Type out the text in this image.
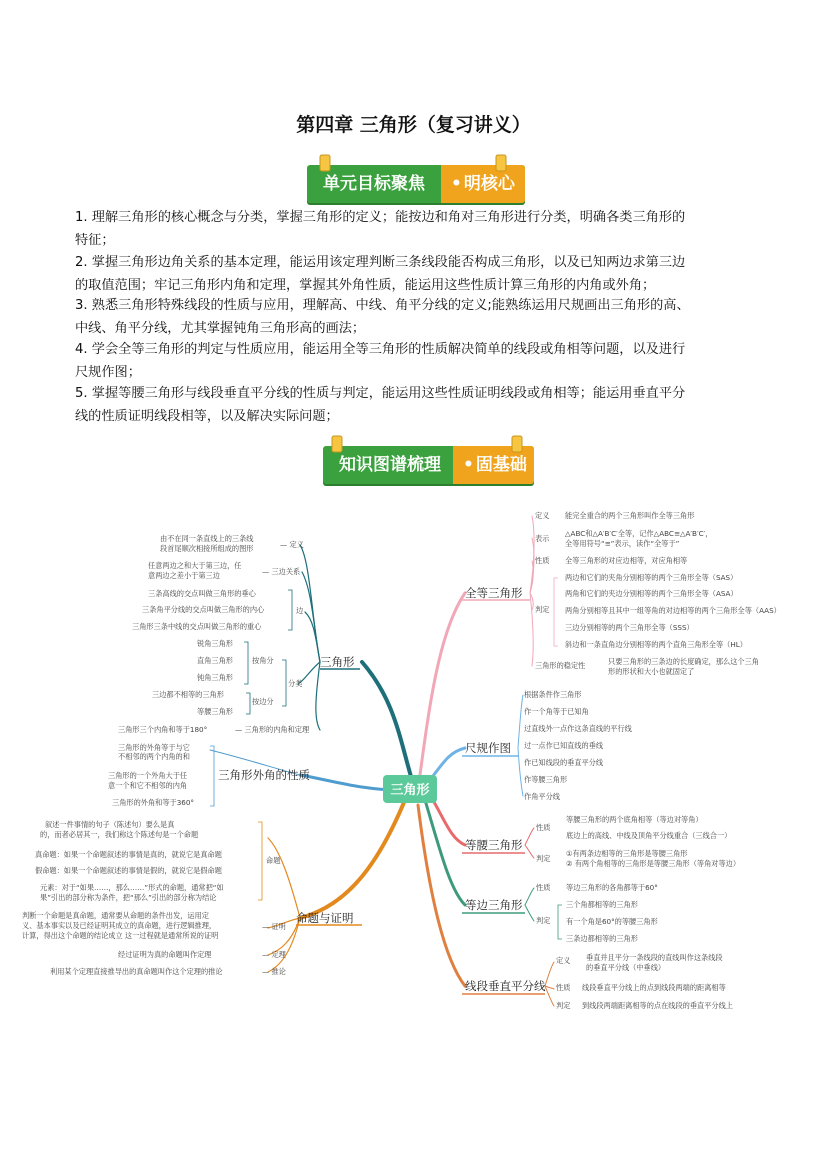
第四章 三角形（复习讲义）
单元目标聚焦	• 明核心
1. 理解三角形的核心概念与分类，掌握三角形的定义；能按边和角对三角形进行分类，明确各类三角形的
特征；
2. 掌握三角形边角关系的基本定理，能运用该定理判断三条线段能否构成三角形，以及已知两边求第三边
的取值范围；牢记三角形内角和定理，掌握其外角性质，能运用这些性质计算三角形的内角或外角；
3. 熟悉三角形特殊线段的性质与应用，理解高、中线、角平分线的定义;能熟练运用尺规画出三角形的高、
中线、角平分线，尤其掌握钝角三角形高的画法；
4. 学会全等三角形的判定与性质应用，能运用全等三角形的性质解决简单的线段或角相等问题，以及进行
尺规作图；
5. 掌握等腰三角形与线段垂直平分线的性质与判定，能运用这些性质证明线段或角相等；能运用垂直平分
线的性质证明线段相等，以及解决实际问题；
知识图谱梳理	• 固基础
三角形
三角形
由不在同一条直线上的三条线
段首尾顺次相接所组成的图形	— 定义
任意两边之和大于第三边，任
意两边之差小于第三边	— 三边关系
三条高线的交点叫做三角形的垂心
三条角平分线的交点叫做三角形的内心
三角形三条中线的交点叫做三角形的重心
边
锐角三角形
直角三角形
钝角三角形
按角分
三边都不相等的三角形
等腰三角形
按边分
分类
三角形三个内角和等于180°	— 三角形的内角和定理
三角形的外角等于与它
不相邻的两个内角的和
三角形的一个外角大于任
意一个和它不相邻的内角
三角形的外角和等于360°
三角形外角的性质
命题与证明
叙述一件事情的句子（陈述句）要么是真
的，而者必居其一，我们称这个陈述句是一个命题
真命题：如果一个命题叙述的事情是真的，就说它是真命题
假命题：如果一个命题叙述的事情是假的，就说它是假命题
元素：对于“如果……，那么……”形式的命题，通常把“如
果”引出的部分称为条件，把“那么”引出的部分称为结论
命题
判断一个命题是真命题，通常要从命题的条件出发，运用定
义、基本事实以及已经证明其成立的真命题，进行逻辑推理，
计算，得出这个命题的结论成立 这一过程就是通常所说的证明
— 证明
经过证明为真的命题叫作定理	— 定理
利用某个定理直接推导出的真命题叫作这个定理的推论	— 推论
全等三角形
定义 能完全重合的两个三角形叫作全等三角形
表示
△ABC和△A′B′C′全等，记作△ABC≌△A′B′C′，
全等用符号“≌”表示，读作“全等于”
性质 全等三角形的对应边相等，对应角相等
判定
两边和它们的夹角分别相等的两个三角形全等（SAS）
两角和它们的夹边分别相等的两个三角形全等（ASA）
两角分别相等且其中一组等角的对边相等的两个三角形全等（AAS）
三边分别相等的两个三角形全等（SSS）
斜边和一条直角边分别相等的两个直角三角形全等（HL）
三角形的稳定性	只要三角形的三条边的长度确定，那么这个三角
形的形状和大小也就固定了
尺规作图
根据条件作三角形
作一个角等于已知角
过直线外一点作这条直线的平行线
过一点作已知直线的垂线
作已知线段的垂直平分线
作等腰三角形
作角平分线
等腰三角形
性质
等腰三角形的两个底角相等（等边对等角）
底边上的高线、中线及顶角平分线重合（三线合一）
判定
①有两条边相等的三角形是等腰三角形
② 有两个角相等的三角形是等腰三角形（等角对等边）
等边三角形
性质 等边三角形的各角都等于60°
判定
三个角都相等的三角形
有一个角是60°的等腰三角形
三条边都相等的三角形
线段垂直平分线
定义 垂直并且平分一条线段的直线叫作这条线段
的垂直平分线（中垂线）
性质 线段垂直平分线上的点到线段两端的距离相等
判定 到线段两端距离相等的点在线段的垂直平分线上
